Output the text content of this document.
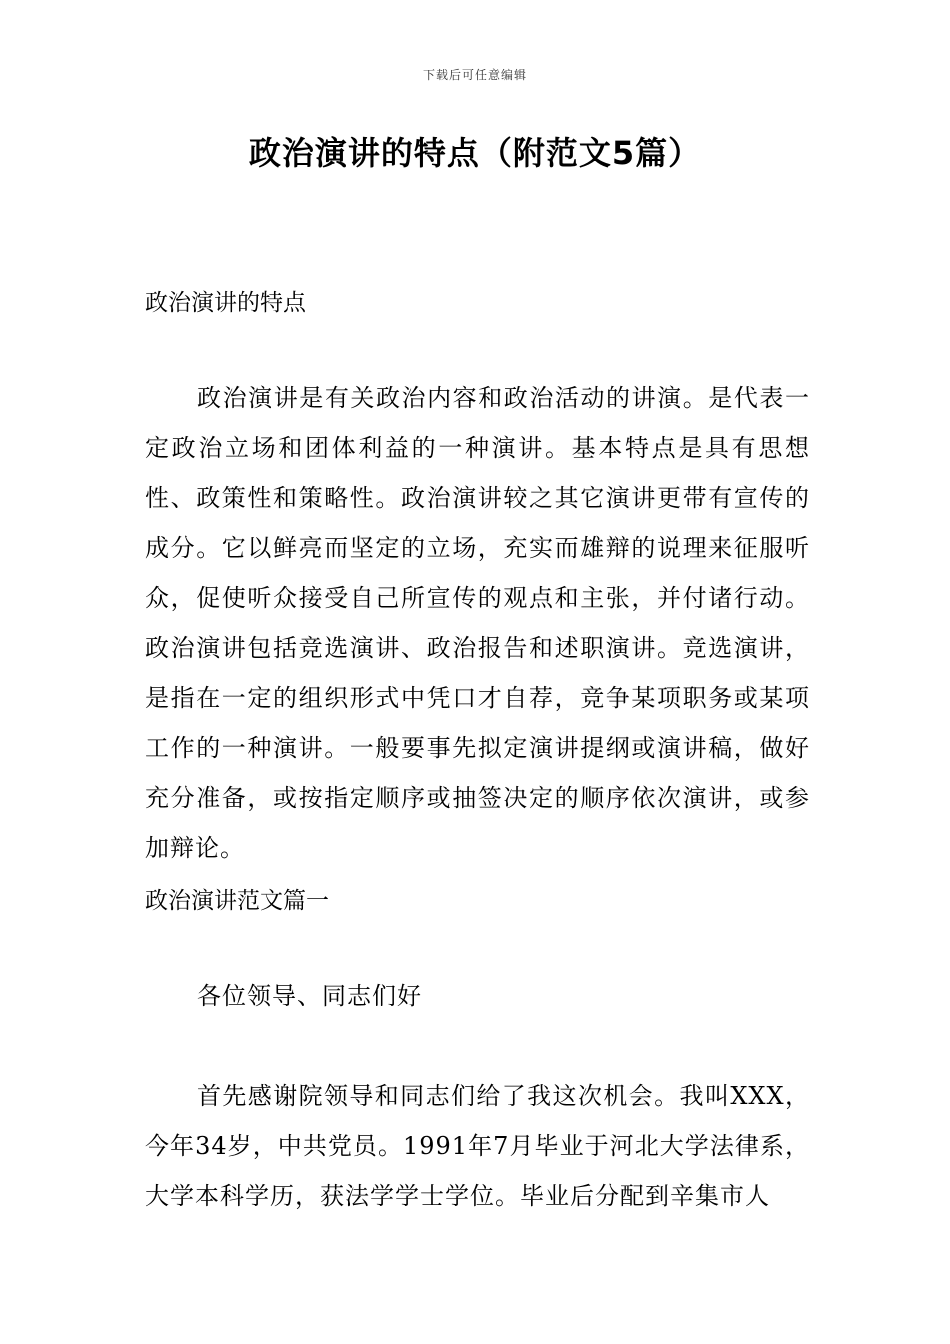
下载后可任意编辑
政治演讲的特点（附范文5篇）
政治演讲的特点

政治演讲是有关政治内容和政治活动的讲演。是代表一定政治立场和团体利益的一种演讲。基本特点是具有思想性、政策性和策略性。政治演讲较之其它演讲更带有宣传的成分。它以鲜亮而坚定的立场，充实而雄辩的说理来征服听众，促使听众接受自己所宣传的观点和主张，并付诸行动。政治演讲包括竞选演讲、政治报告和述职演讲。竞选演讲，是指在一定的组织形式中凭口才自荐，竞争某项职务或某项工作的一种演讲。一般要事先拟定演讲提纲或演讲稿，做好充分准备，或按指定顺序或抽签决定的顺序依次演讲，或参加辩论。

政治演讲范文篇一

各位领导、同志们好

首先感谢院领导和同志们给了我这次机会。我叫XXX，今年34岁，中共党员。1991年7月毕业于河北大学法律系，大学本科学历，获法学学士学位。毕业后分配到辛集市人
